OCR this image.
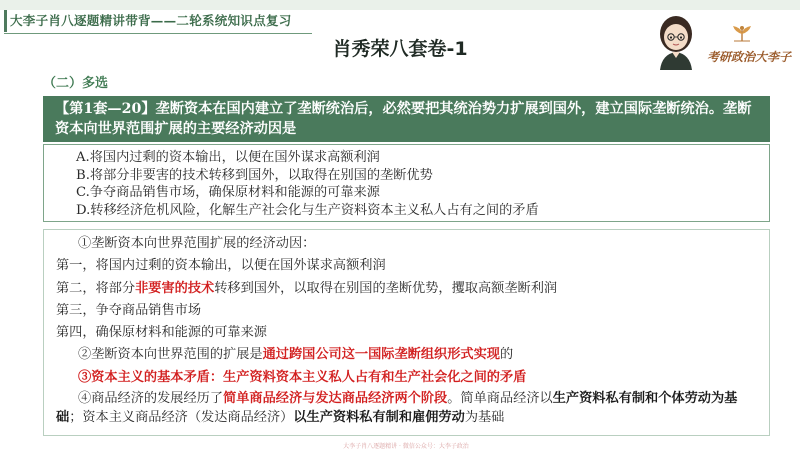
大李子肖八逐题精讲带背——二轮系统知识点复习
肖秀荣八套卷-1	考研政治大李子
（二）多选
【第1套—20】垄断资本在国内建立了垄断统治后，必然要把其统治势力扩展到国外，建立国际垄断统治。垄断资本向世界范围扩展的主要经济动因是
A.将国内过剩的资本输出，以便在国外谋求高额利润
B.将部分非要害的技术转移到国外，以取得在别国的垄断优势
C.争夺商品销售市场，确保原材料和能源的可靠来源
D.转移经济危机风险，化解生产社会化与生产资料资本主义私人占有之间的矛盾
①垄断资本向世界范围扩展的经济动因：
第一，将国内过剩的资本输出，以便在国外谋求高额利润
第二，将部分非要害的技术转移到国外，以取得在别国的垄断优势，攫取高额垄断利润
第三，争夺商品销售市场
第四，确保原材料和能源的可靠来源
②垄断资本向世界范围的扩展是通过跨国公司这一国际垄断组织形式实现的
③资本主义的基本矛盾：生产资料资本主义私人占有和生产社会化之间的矛盾
④商品经济的发展经历了简单商品经济与发达商品经济两个阶段。简单商品经济以生产资料私有制和个体劳动为基础；资本主义商品经济（发达商品经济）以生产资料私有制和雇佣劳动为基础
大李子肖八逐题精讲 · 微信公众号：大李子政治
